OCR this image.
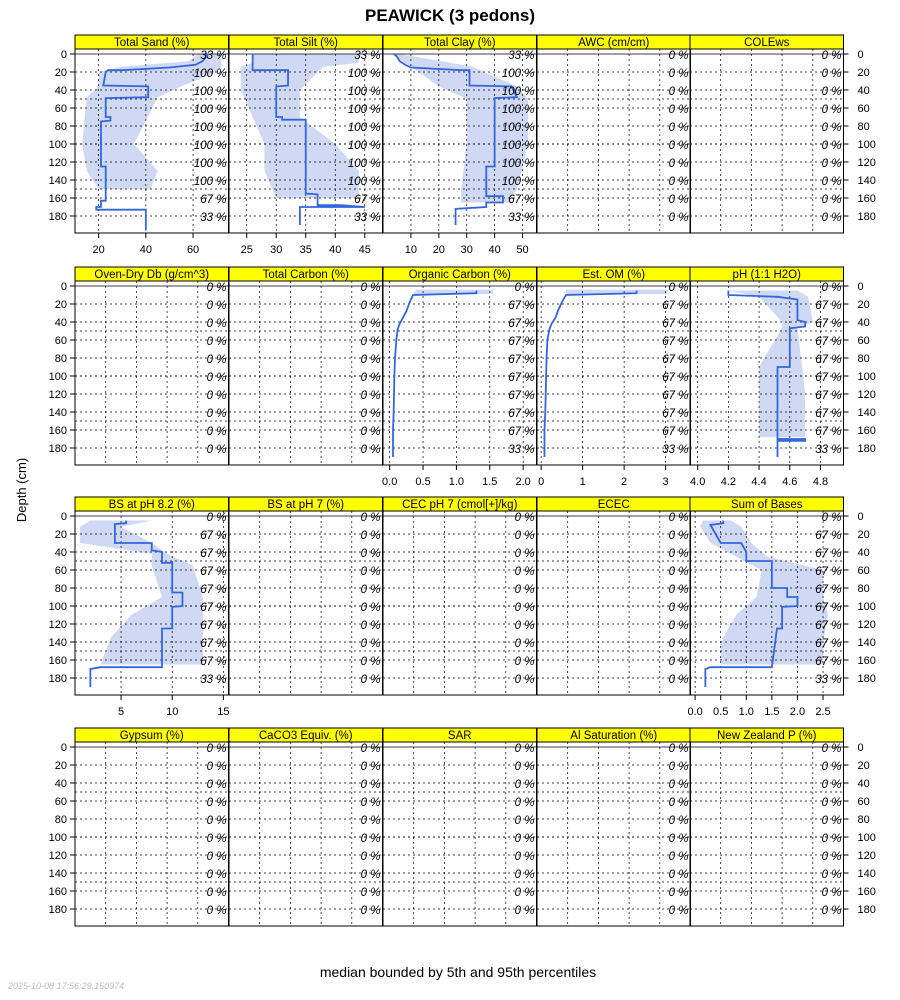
PEAWICK (3 pedons)
Depth (cm)
median bounded by 5th and 95th percentiles
2025-10-08 17:56:29.150974
33 %
100 %
100 %
100 %
100 %
100 %
100 %
100 %
67 %
33 %
Total Sand (%)
20	40	60
33 %
100 %
100 %
100 %
100 %
100 %
100 %
100 %
67 %
33 %
Total Silt (%)
25 30 35 40 45
33 %
100 %
100 %
100 %
100 %
100 %
100 %
100 %
67 %
33 %
Total Clay (%)
10 20 30 40 50
0 %
0 %
0 %
0 %
0 %
0 %
0 %
0 %
0 %
0 %
AWC (cm/cm)
0 %
0 %
0 %
0 %
0 %
0 %
0 %
0 %
0 %
0 %
COLEws
0 %
0 %
0 %
0 %
0 %
0 %
0 %
0 %
0 %
0 %
Oven-Dry Db (g/cm^3)
0 %
0 %
0 %
0 %
0 %
0 %
0 %
0 %
0 %
0 %
Total Carbon (%)
0 %
67 %
67 %
67 %
67 %
67 %
67 %
67 %
67 %
33 %
Organic Carbon (%)
0.0 0.5 1.0 1.5 2.0
0 %
67 %
67 %
67 %
67 %
67 %
67 %
67 %
67 %
33 %
Est. OM (%)
0	1	2	3
0 %
67 %
67 %
67 %
67 %
67 %
67 %
67 %
67 %
33 %
pH (1:1 H2O)
4.0 4.2 4.4 4.6 4.8
0 %
67 %
67 %
67 %
67 %
67 %
67 %
67 %
67 %
33 %
BS at pH 8.2 (%)
5	10	15
0 %
0 %
0 %
0 %
0 %
0 %
0 %
0 %
0 %
0 %
BS at pH 7 (%)
0 %
0 %
0 %
0 %
0 %
0 %
0 %
0 %
0 %
0 %
CEC pH 7 (cmol[+]/kg)
0 %
0 %
0 %
0 %
0 %
0 %
0 %
0 %
0 %
0 %
ECEC
0 %
67 %
67 %
67 %
67 %
67 %
67 %
67 %
67 %
33 %
Sum of Bases
0.0 0.5 1.0 1.5 2.0 2.5
0 %
0 %
0 %
0 %
0 %
0 %
0 %
0 %
0 %
0 %
Gypsum (%)
0 %
0 %
0 %
0 %
0 %
0 %
0 %
0 %
0 %
0 %
CaCO3 Equiv. (%)
0 %
0 %
0 %
0 %
0 %
0 %
0 %
0 %
0 %
0 %
SAR
0 %
0 %
0 %
0 %
0 %
0 %
0 %
0 %
0 %
0 %
Al Saturation (%)
0 %
0 %
0 %
0 %
0 %
0 %
0 %
0 %
0 %
0 %
New Zealand P (%)
0	0
20	20
40	40
60	60
80	80
100	100
120	120
140	140
160	160
180	180
0	0
20	20
40	40
60	60
80	80
100	100
120	120
140	140
160	160
180	180
0	0
20	20
40	40
60	60
80	80
100	100
120	120
140	140
160	160
180	180
0	0
20	20
40	40
60	60
80	80
100	100
120	120
140	140
160	160
180	180
